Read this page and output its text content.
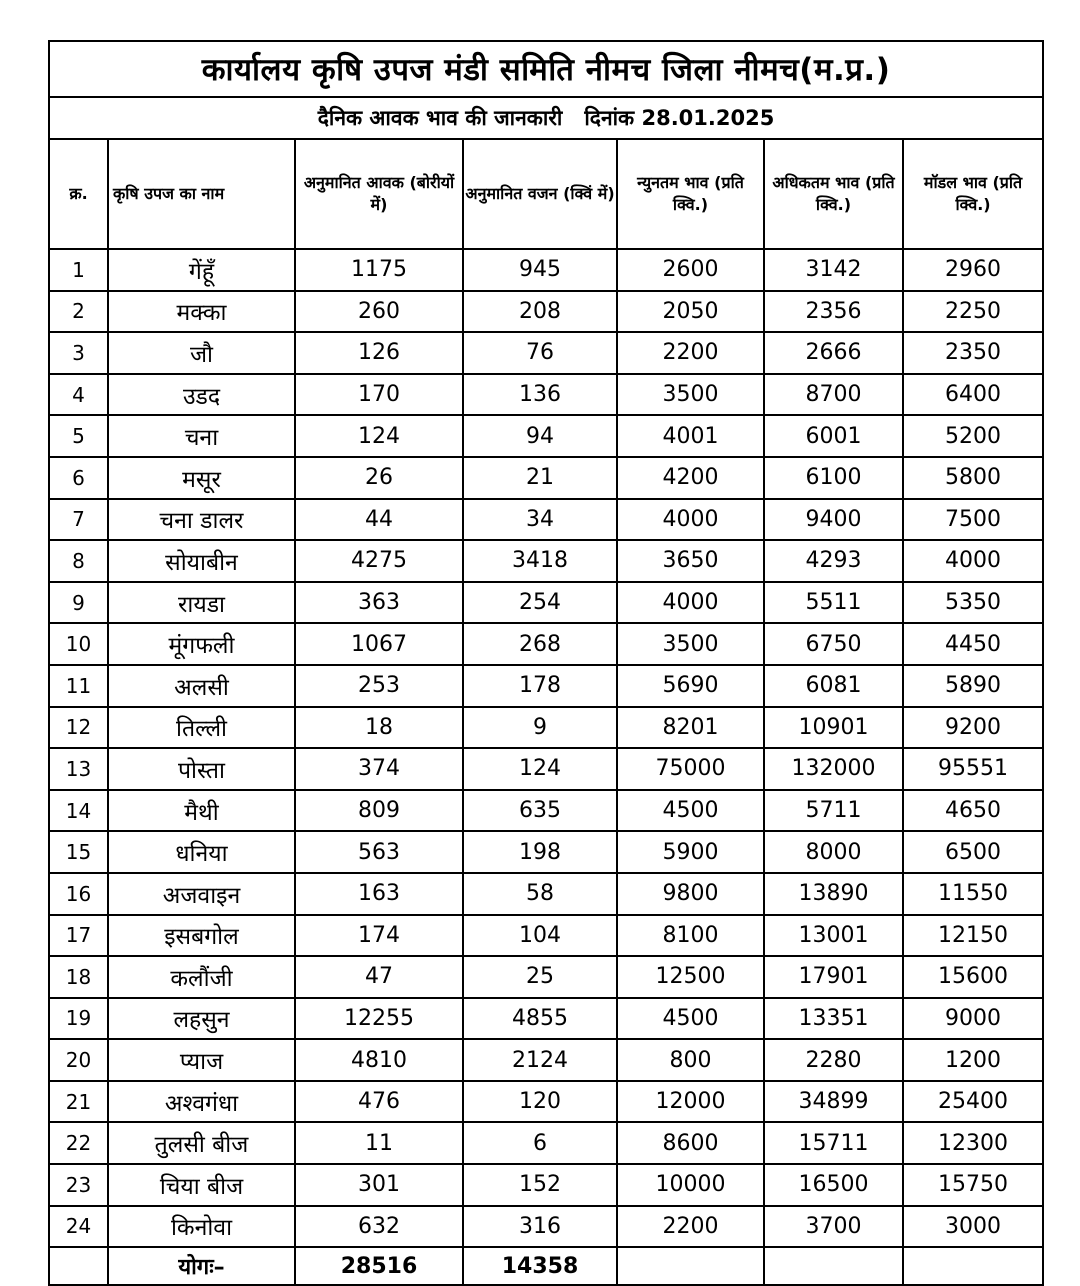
कार्यालय कृषि उपज मंडी समिति नीमच जिला नीमच(म.प्र.)						
दैनिक आवक भाव की जानकारी दिनांक 28.01.2025						
क्र.	कृषि उपज का नाम	अनुमानित आवक (बोरीयों में)	अनुमानित वजन (क्विं में)	न्युनतम भाव (प्रति क्वि.)	अधिकतम भाव (प्रति क्वि.)	मॉडल भाव (प्रति क्वि.)
1	गेंहूँ	1175	945	2600	3142	2960
2	मक्का	260	208	2050	2356	2250
3	जौ	126	76	2200	2666	2350
4	उडद	170	136	3500	8700	6400
5	चना	124	94	4001	6001	5200
6	मसूर	26	21	4200	6100	5800
7	चना डालर	44	34	4000	9400	7500
8	सोयाबीन	4275	3418	3650	4293	4000
9	रायडा	363	254	4000	5511	5350
10	मूंगफली	1067	268	3500	6750	4450
11	अलसी	253	178	5690	6081	5890
12	तिल्ली	18	9	8201	10901	9200
13	पोस्ता	374	124	75000	132000	95551
14	मैथी	809	635	4500	5711	4650
15	धनिया	563	198	5900	8000	6500
16	अजवाइन	163	58	9800	13890	11550
17	इसबगोल	174	104	8100	13001	12150
18	कलौंजी	47	25	12500	17901	15600
19	लहसुन	12255	4855	4500	13351	9000
20	प्याज	4810	2124	800	2280	1200
21	अश्वगंधा	476	120	12000	34899	25400
22	तुलसी बीज	11	6	8600	15711	12300
23	चिया बीज	301	152	10000	16500	15750
24	किनोवा	632	316	2200	3700	3000
	योगः–	28516	14358			
